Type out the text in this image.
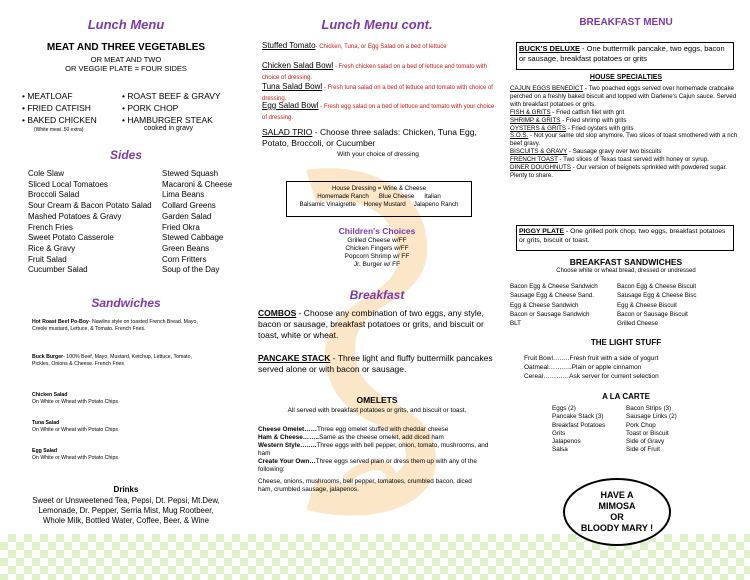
Lunch Menu
MEAT AND THREE VEGETABLES
OR MEAT AND TWO
OR VEGGIE PLATE = FOUR SIDES
• MEATLOAF
• FRIED CATFISH
• BAKED CHICKEN
• ROAST BEEF & GRAVY
• PORK CHOP
• HAMBURGER STEAK
(White meat .50 extra)	cooked in gravy
Sides
Cole Slaw
Sliced Local Tomatoes
Broccoli Salad
Sour Cream & Bacon Potato Salad
Mashed Potatoes & Gravy
French Fries
Sweet Potato Casserole
Rice & Gravy
Fruit Salad
Cucumber Salad
Stewed Squash
Macaroni & Cheese
Lima Beans
Collard Greens
Garden Salad
Fried Okra
Stewed Cabbage
Green Beans
Corn Fritters
Soup of the Day
Sandwiches
Hot Roast Beef Po-Boy- Nawlins style on toasted French Bread. Mayo, Creole mustard, Lettuce, & Tomato. French Fries.
Buck Burger- 100% Beef, Mayo, Mustard, Ketchup, Lettuce, Tomato, Pickles, Onions & Cheese. French Fries
Chicken Salad
On White or Wheat with Potato Chips
Tuna Salad
On White or Wheat with Potato Chips
Egg Salad
On White or Wheat with Potato Chips
Drinks
Sweet or Unsweetened Tea, Pepsi, Dt. Pepsi, Mt.Dew,
Lemonade, Dr. Pepper, Serria Mist, Mug Rootbeer,
Whole Milk, Bottled Water, Coffee, Beer, & Wine
Lunch Menu cont.
Stuffed Tomato- Chicken, Tuna, or Egg Salad on a bed of lettuce
Chicken Salad Bowl - Fresh chicken salad on a bed of lettuce and tomato with choice of dressing.
Tuna Salad Bowl - Fresh tuna salad on a bed of lettuce and tomato with choice of dressing.
Egg Salad Bowl - Fresh egg salad on a bed of lettuce and tomato with your choice of dressing.
SALAD TRIO - Choose three salads: Chicken, Tuna Egg, Potato, Broccoli, or Cucumber
With your choice of dressing
House Dressing = Wine & Cheese
Homemade Ranch Blue Cheese Italian
Balsamic Vinaigrette Honey Mustard Jalapeno Ranch
Children's Choices
Grilled Cheese w/FF
Chicken Fingers w/FF
Popcorn Shrimp w/ FF
Jr. Burger w/ FF
Breakfast
COMBOS - Choose any combination of two eggs, any style, bacon or sausage, breakfast potatoes or grits, and biscuit or toast, white or wheat.
PANCAKE STACK - Three light and fluffy buttermilk pancakes served alone or with bacon or sausage.
OMELETS
All served with breakfast potatoes or grits, and biscuit or toast.
Cheese Omelet……Three egg omelet stuffed with cheddar cheese
Ham & Cheese……..Same as the cheese omelet, add diced ham
Western Style……..Three eggs with bell pepper, onion, tomato, mushrooms, and ham
Create Your Own…Three eggs served plain or dress them up with any of the following:
Cheese, onions, mushrooms, bell pepper, tomatoes, crumbled bacon, diced ham, crumbled sausage, jalapenos.
BREAKFAST MENU
BUCK'S DELUXE - One buttermilk pancake, two eggs, bacon or sausage, breakfast potatoes or grits
HOUSE SPECIALTIES
CAJUN EGGS BENEDICT - Two poached eggs served over homemade crabcake perched on a freshly baked biscuit and topped with Darlene's Cajun sauce. Served with breakfast potatoes or grits.
FISH & GRITS - Fried catfish filet with grit
SHRIMP & GRITS - Fried shrimp with grits
OYSTERS & GRITS - Fried oysters with grits
S.O.S. - Not your same old slop anymore. Two slices of toast smothered with a rich beef gravy.
BISCUITS & GRAVY - Sausage gravy over two biscuits
FRENCH TOAST - Two slices of Texas toast served with honey or syrup.
DINER DOUGHNUTS - Our version of beignets sprinkled with powdered sugar. Plenty to share.
PIGGY PLATE - One grilled pork chop, two eggs, breakfast potatoes or grits, biscuit or toast.
BREAKFAST SANDWICHES
Choose white or wheat bread, dressed or undressed
Bacon Egg & Cheese Sandwich
Sausage Egg & Cheese Sand.
Egg & Cheese Sandwich
Bacon or Sausage Sandwich
BLT
Bacon Egg & Cheese Biscuit
Sausage Egg & Cheese Bisc
Egg & Cheese Biscuit
Bacon or Sausage Biscuit
Grilled Cheese
THE LIGHT STUFF
Fruit Bowl……..Fresh fruit with a side of yogurt
Oatmeal………..Plain or apple cinnamon
Cereal…………Ask server for current selection
A LA CARTE
Eggs (2)
Pancake Stack (3)
Breakfast Potatoes
Grits
Jalapenos
Salsa
Bacon Strips (3)
Sausage Links (2)
Pork Chop
Toast or Biscuit
Side of Gravy
Side of Fruit
HAVE A
MIMOSA
OR
BLOODY MARY !
